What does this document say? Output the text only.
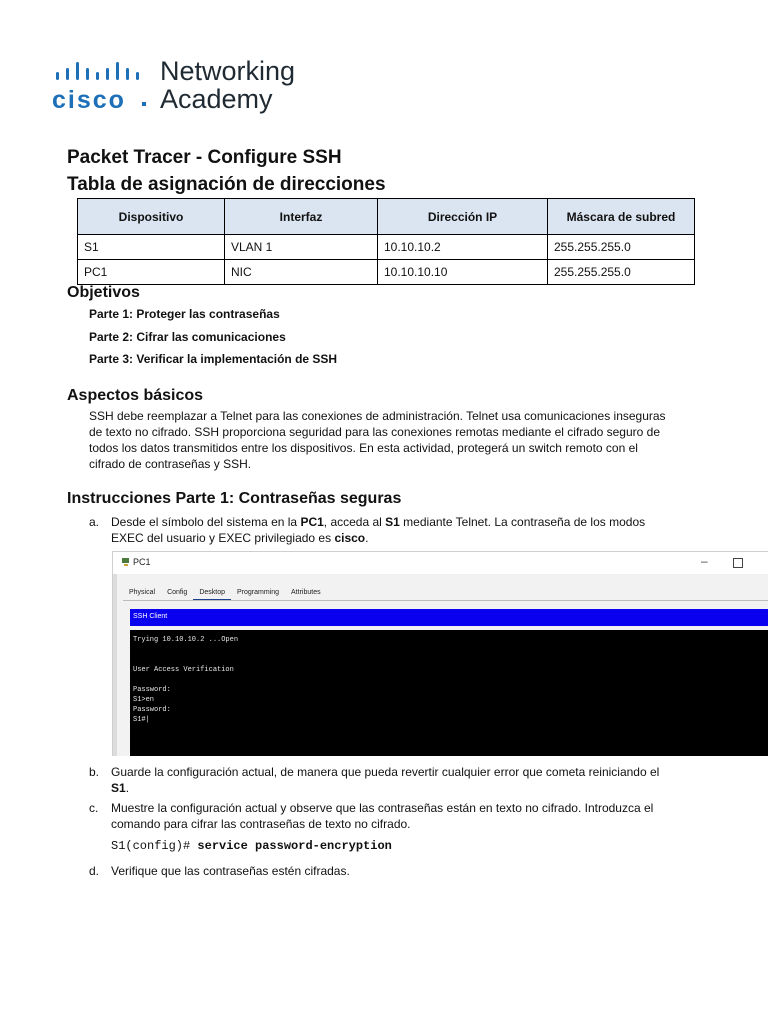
cisco
Networking
Academy
Packet Tracer - Configure SSH
Tabla de asignación de direcciones
Dispositivo	Interfaz	Dirección IP	Máscara de subred
S1	VLAN 1	10.10.10.2	255.255.255.0
PC1	NIC	10.10.10.10	255.255.255.0
Objetivos
Parte 1: Proteger las contraseñas
Parte 2: Cifrar las comunicaciones
Parte 3: Verificar la implementación de SSH
Aspectos básicos
SSH debe reemplazar a Telnet para las conexiones de administración. Telnet usa comunicaciones inseguras
de texto no cifrado. SSH proporciona seguridad para las conexiones remotas mediante el cifrado seguro de
todos los datos transmitidos entre los dispositivos. En esta actividad, protegerá un switch remoto con el
cifrado de contraseñas y SSH.
Instrucciones Parte 1: Contraseñas seguras
a. Desde el símbolo del sistema en la PC1, acceda al S1 mediante Telnet. La contraseña de los modos
EXEC del usuario y EXEC privilegiado es cisco.
PC1	–
Physical	Config	Desktop	Programming	Attributes
SSH Client
Trying 10.10.10.2 ...Open
User Access Verification
Password:
S1>en
Password:
S1#|
b. Guarde la configuración actual, de manera que pueda revertir cualquier error que cometa reiniciando el
S1.
c. Muestre la configuración actual y observe que las contraseñas están en texto no cifrado. Introduzca el
comando para cifrar las contraseñas de texto no cifrado.
S1(config)# service password-encryption
d. Verifique que las contraseñas estén cifradas.
